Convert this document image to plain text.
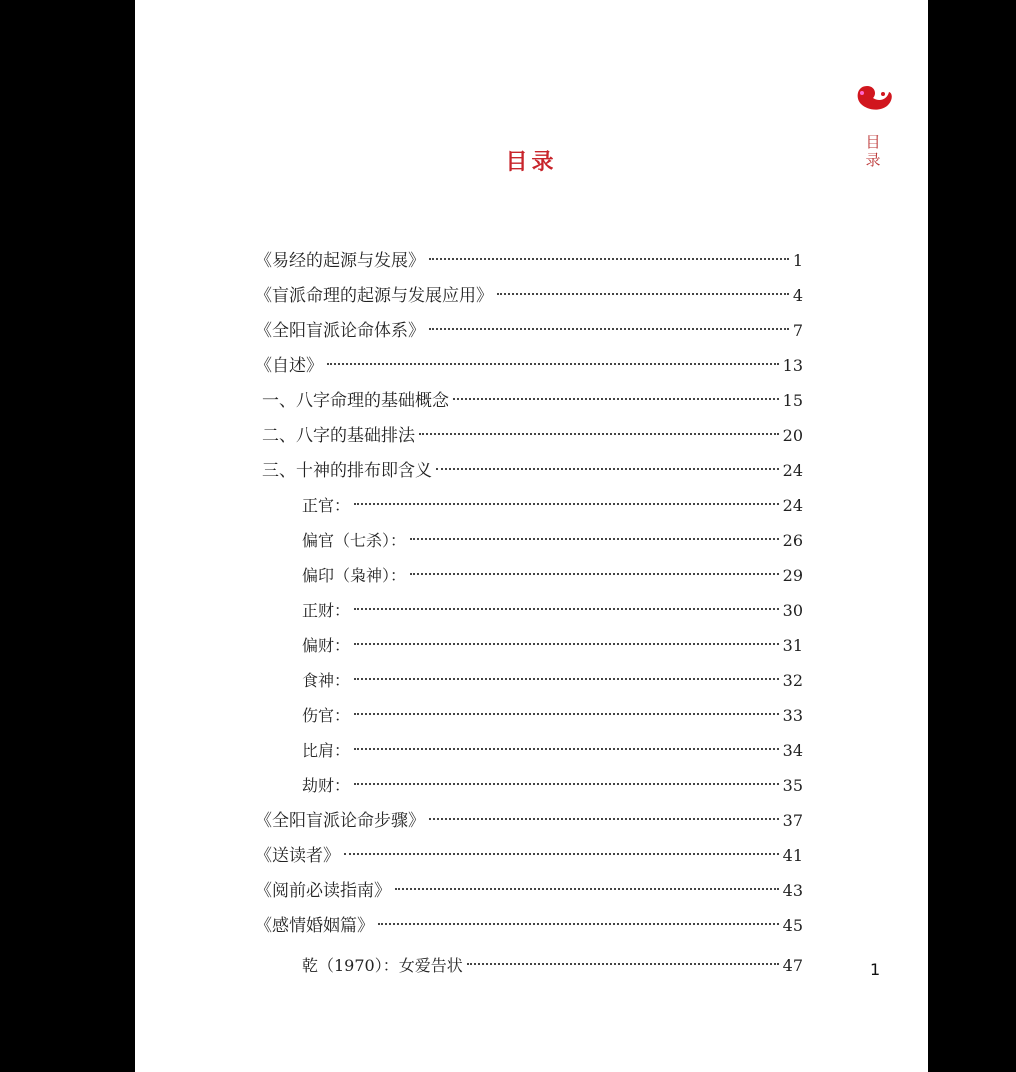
目录
目录
《易经的起源与发展》	1
《盲派命理的起源与发展应用》	4
《全阳盲派论命体系》	7
《自述》	13
一、八字命理的基础概念	15
二、八字的基础排法	20
三、十神的排布即含义	24
正官：	24
偏官（七杀）：	26
偏印（枭神）：	29
正财：	30
偏财：	31
食神：	32
伤官：	33
比肩：	34
劫财：	35
《全阳盲派论命步骤》	37
《送读者》	41
《阅前必读指南》	43
《感情婚姻篇》	45
乾（1970）：女爱告状	47	1
